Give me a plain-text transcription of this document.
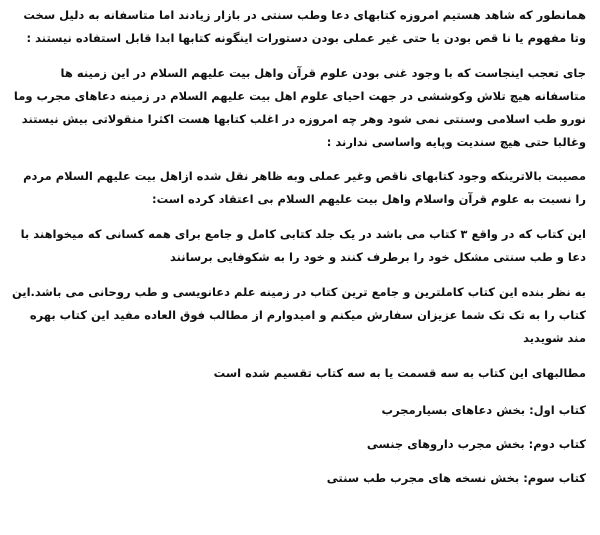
همانطور که شاهد هستیم امروزه کتابهای دعا وطب سنتی در بازار زیادند اما متاسفانه به دلیل سخت وتا مفهوم یا نا قص بودن یا حتی غیر عملی بودن دستورات اینگونه کتابها ابدا قابل استفاده نیستند :

جای تعجب اینجاست که با وجود غنی بودن علوم قرآن واهل بیت علیهم السلام در این زمینه ها متاسفانه هیچ تلاش وکوششی در جهت احیای علوم اهل بیت علیهم السلام در زمینه دعاهای مجرب وما نورو طب اسلامی وسنتی نمی شود وهر چه امروزه در اغلب کتابها هست اکثرا منقولاتی بیش نیستند وغالبا حتی هیچ سندیت وپایه واساسی ندارند :

مصیبت بالاترینکه وجود کتابهای ناقص وغیر عملی وبه ظاهر نقل شده ازاهل بیت علیهم السلام مردم را نسبت به علوم قرآن واسلام واهل بیت علیهم السلام بی اعتقاد کرده است:

این کتاب که در واقع ۳ کتاب می باشد در یک جلد کتابی کامل و جامع برای همه کسانی که میخواهند با دعا و طب سنتی مشکل خود را برطرف کنند و خود را به شکوفایی برسانند

به نظر بنده این کتاب کاملترین و جامع ترین کتاب در زمینه علم دعانویسی و طب روحانی می باشد.این کتاب را به تک تک شما عزیزان سفارش میکنم و امیدوارم از مطالب فوق العاده مفید این کتاب بهره مند شویدید

مطالبهای این کتاب به سه قسمت یا به سه کتاب تقسیم شده است

کتاب اول: بخش دعاهای بسیارمجرب

کتاب دوم: بخش مجرب داروهای جنسی

کتاب سوم: بخش نسخه های مجرب طب سنتی
